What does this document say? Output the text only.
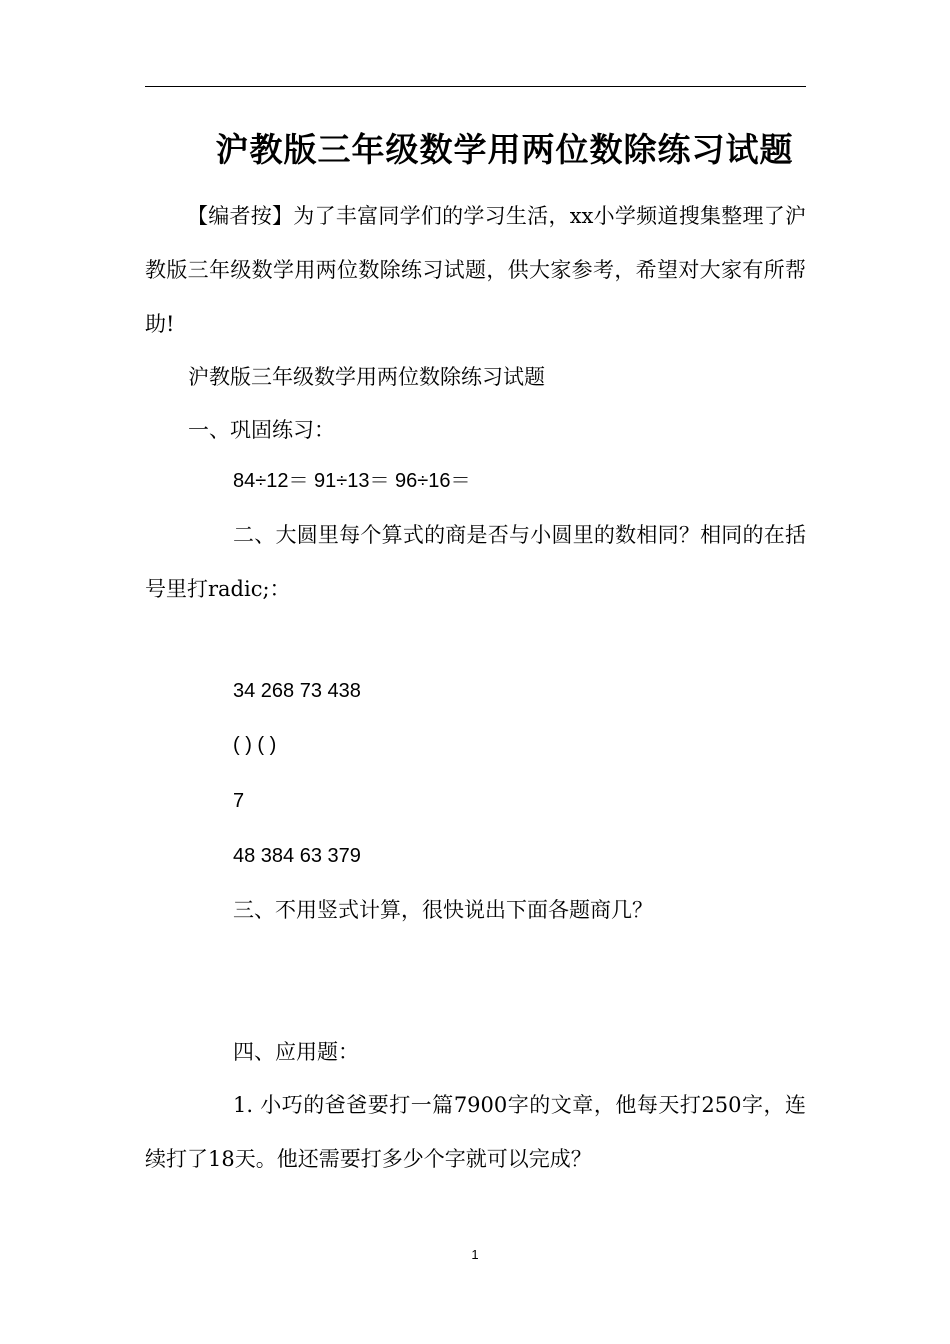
沪教版三年级数学用两位数除练习试题

【编者按】为了丰富同学们的学习生活，xx小学频道搜集整理了沪教版三年级数学用两位数除练习试题，供大家参考，希望对大家有所帮助!

沪教版三年级数学用两位数除练习试题

一、巩固练习：

84÷12＝ 91÷13＝ 96÷16＝

二、大圆里每个算式的商是否与小圆里的数相同？相同的在括号里打radic;：

34 268 73 438

( ) ( )

7

48 384 63 379

三、不用竖式计算，很快说出下面各题商几？

四、应用题：

1. 小巧的爸爸要打一篇7900字的文章，他每天打250字，连续打了18天。他还需要打多少个字就可以完成？

1
